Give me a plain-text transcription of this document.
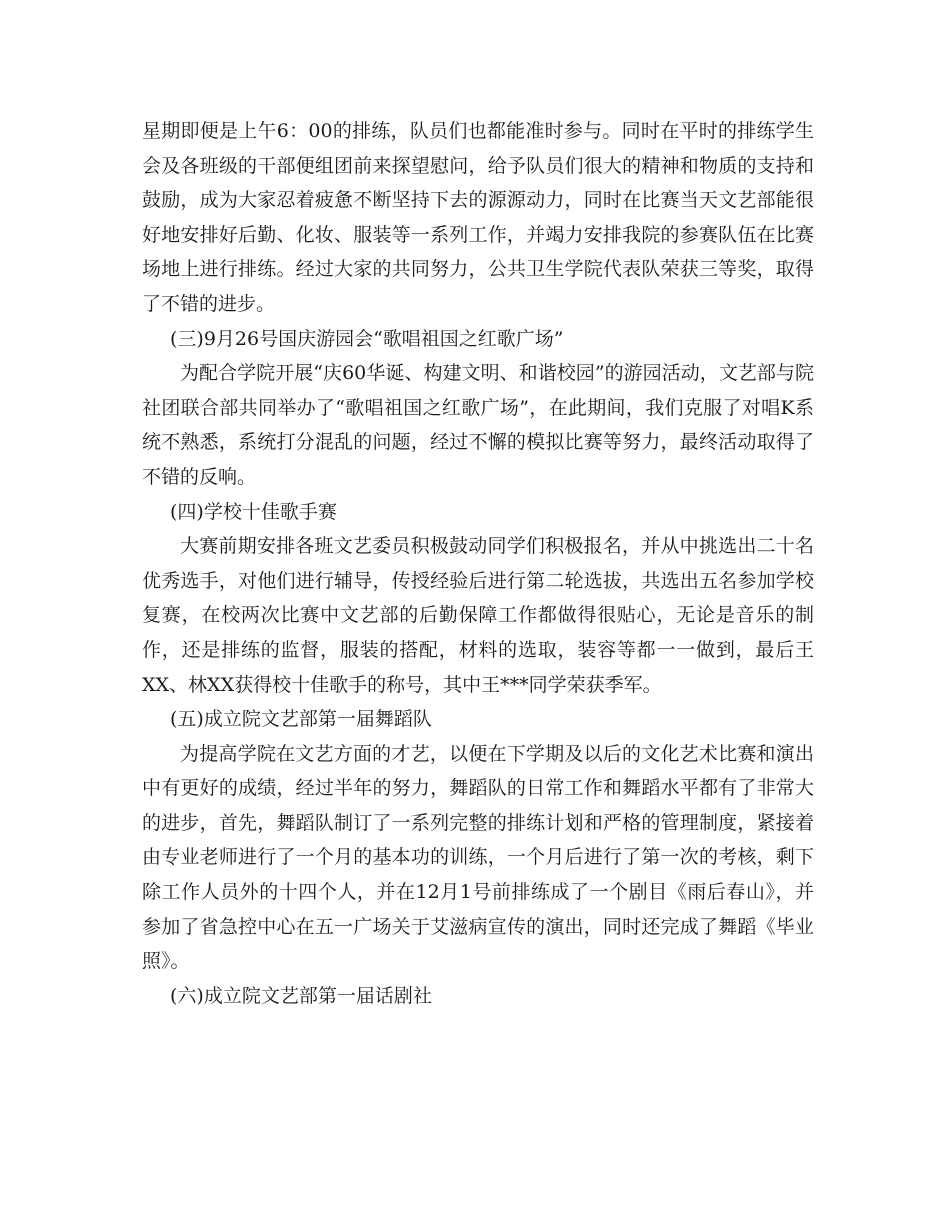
星期即便是上午6：00的排练，队员们也都能准时参与。同时在平时的排练学生会及各班级的干部便组团前来探望慰问，给予队员们很大的精神和物质的支持和鼓励，成为大家忍着疲惫不断坚持下去的源源动力，同时在比赛当天文艺部能很好地安排好后勤、化妆、服装等一系列工作，并竭力安排我院的参赛队伍在比赛场地上进行排练。经过大家的共同努力，公共卫生学院代表队荣获三等奖，取得了不错的进步。

(三)9月26号国庆游园会“歌唱祖国之红歌广场”

为配合学院开展“庆60华诞、构建文明、和谐校园”的游园活动，文艺部与院社团联合部共同举办了“歌唱祖国之红歌广场”，在此期间，我们克服了对唱K系统不熟悉，系统打分混乱的问题，经过不懈的模拟比赛等努力，最终活动取得了不错的反响。

(四)学校十佳歌手赛

大赛前期安排各班文艺委员积极鼓动同学们积极报名，并从中挑选出二十名优秀选手，对他们进行辅导，传授经验后进行第二轮选拔，共选出五名参加学校复赛，在校两次比赛中文艺部的后勤保障工作都做得很贴心，无论是音乐的制作，还是排练的监督，服装的搭配，材料的选取，装容等都一一做到，最后王XX、林XX获得校十佳歌手的称号，其中王***同学荣获季军。

(五)成立院文艺部第一届舞蹈队

为提高学院在文艺方面的才艺，以便在下学期及以后的文化艺术比赛和演出中有更好的成绩，经过半年的努力，舞蹈队的日常工作和舞蹈水平都有了非常大的进步，首先，舞蹈队制订了一系列完整的排练计划和严格的管理制度，紧接着由专业老师进行了一个月的基本功的训练，一个月后进行了第一次的考核，剩下除工作人员外的十四个人，并在12月1号前排练成了一个剧目《雨后春山》，并参加了省急控中心在五一广场关于艾滋病宣传的演出，同时还完成了舞蹈《毕业照》。

(六)成立院文艺部第一届话剧社
